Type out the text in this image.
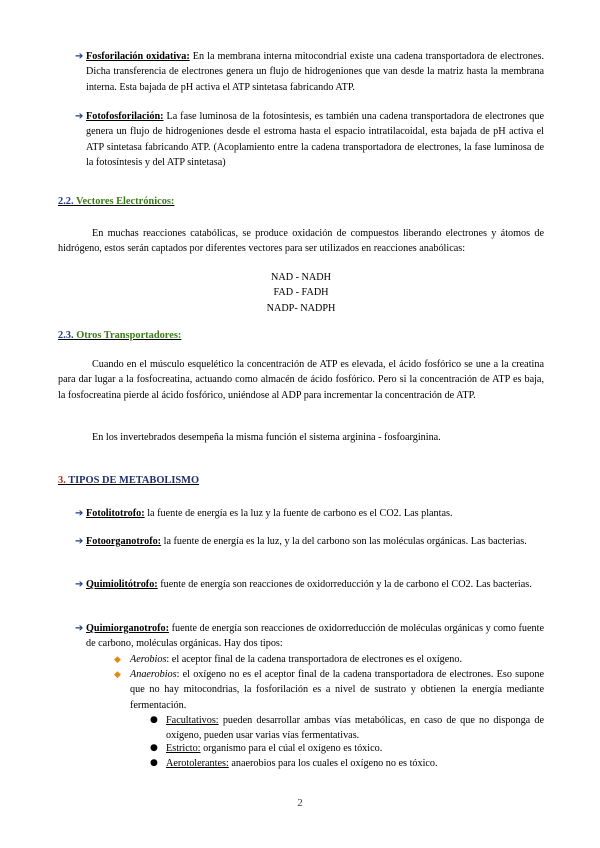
➔ Fosforilación oxidativa: En la membrana interna mitocondrial existe una cadena transportadora de electrones. Dicha transferencia de electrones genera un flujo de hidrogeniones que van desde la matriz hasta la membrana interna. Esta bajada de pH activa el ATP sintetasa fabricando ATP.
➔ Fotofosforilación: La fase luminosa de la fotosíntesis, es también una cadena transportadora de electrones que genera un flujo de hidrogeniones desde el estroma hasta el espacio intratilacoidal, esta bajada de pH activa el ATP sintetasa fabricando ATP. (Acoplamiento entre la cadena transportadora de electrones, la fase luminosa de la fotosíntesis y del ATP sintetasa)
2.2. Vectores Electrónicos:
En muchas reacciones catabólicas, se produce oxidación de compuestos liberando electrones y átomos de hidrógeno, estos serán captados por diferentes vectores para ser utilizados en reacciones anabólicas:
NAD - NADH
FAD - FADH
NADP- NADPH
2.3. Otros Transportadores:
Cuando en el músculo esquelético la concentración de ATP es elevada, el ácido fosfórico se une a la creatina para dar lugar a la fosfocreatina, actuando como almacén de ácido fosfórico. Pero si la concentración de ATP es baja, la fosfocreatina pierde al ácido fosfórico, uniéndose al ADP para incrementar la concentración de ATP.
En los invertebrados desempeña la misma función el sistema arginina - fosfoarginina.
3. TIPOS DE METABOLISMO
➔ Fotolitotrofo: la fuente de energía es la luz y la fuente de carbono es el CO2. Las plantas.
➔ Fotoorganotrofo: la fuente de energía es la luz, y la del carbono son las moléculas orgánicas. Las bacterias.
➔ Quimiolitótrofo: fuente de energía son reacciones de oxidorreducción y la de carbono el CO2. Las bacterias.
➔ Quimiorganotrofo: fuente de energía son reacciones de oxidorreducción de moléculas orgánicas y como fuente de carbono, moléculas orgánicas. Hay dos tipos:
◆ Aerobios: el aceptor final de la cadena transportadora de electrones es el oxígeno.
◆ Anaerobios: el oxígeno no es el aceptor final de la cadena transportadora de electrones. Eso supone que no hay mitocondrias, la fosforilación es a nivel de sustrato y obtienen la energía mediante fermentación.
● Facultativos: pueden desarrollar ambas vías metabólicas, en caso de que no disponga de oxígeno, pueden usar varias vías fermentativas.
● Estricto: organismo para el cúal el oxígeno es tóxico.
● Aerotolerantes: anaerobios para los cuales el oxígeno no es tóxico.
2
